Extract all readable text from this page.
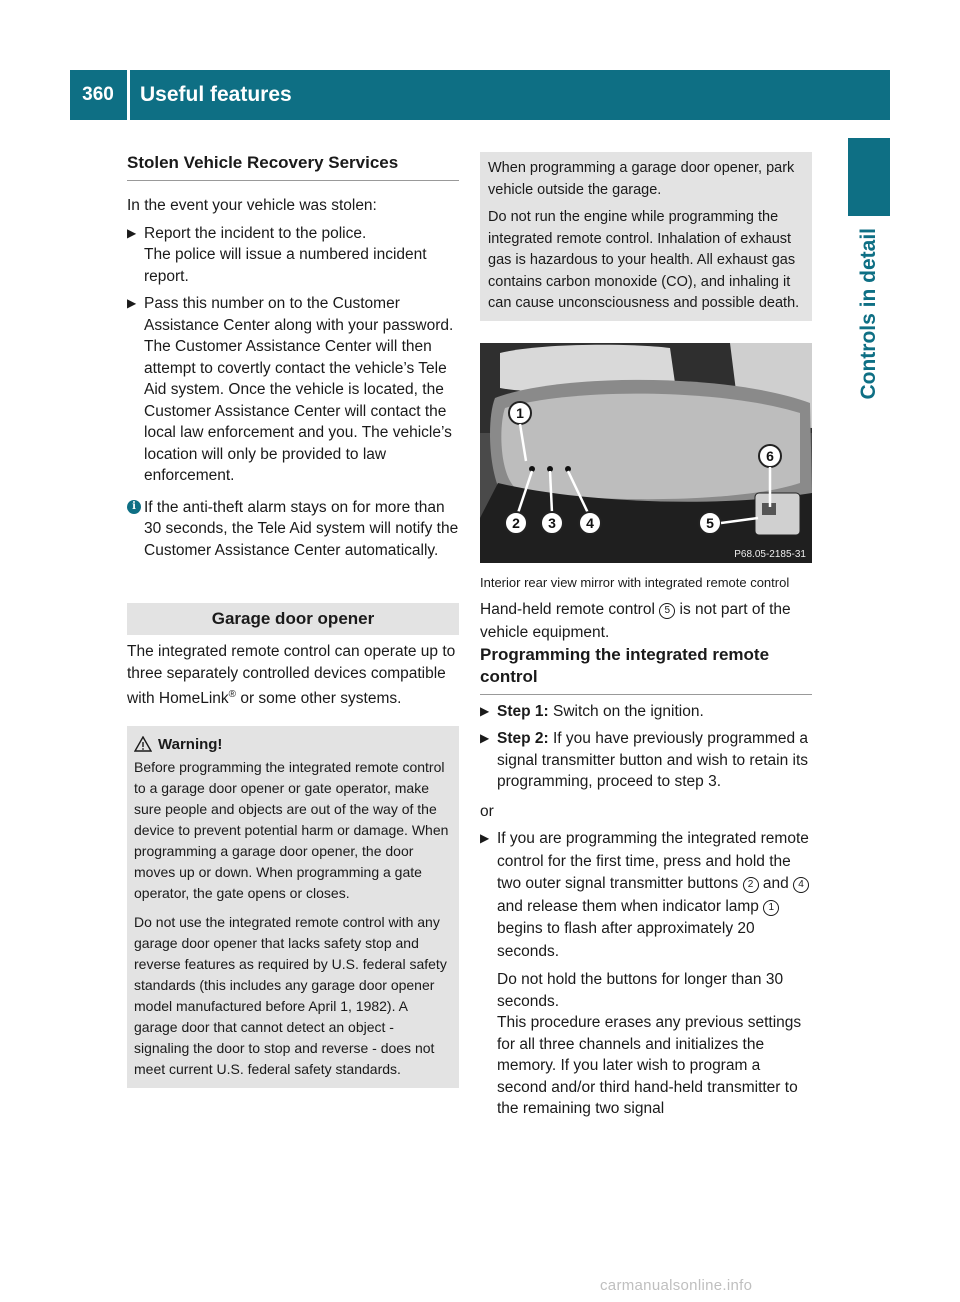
360	Useful features
Controls in detail
Stolen Vehicle Recovery Services

In the event your vehicle was stolen:

▶ Report the incident to the police.

The police will issue a numbered incident report.

▶ Pass this number on to the Customer Assistance Center along with your password.

The Customer Assistance Center will then attempt to covertly contact the vehicle’s Tele Aid system. Once the vehicle is located, the Customer Assistance Center will contact the local law enforcement and you. The vehicle’s location will only be provided to law enforcement.

i If the anti-theft alarm stays on for more than 30 seconds, the Tele Aid system will notify the Customer Assistance Center automatically.

Garage door opener

The integrated remote control can operate up to three separately controlled devices compatible with HomeLink® or some other systems.

Warning!

Before programming the integrated remote control to a garage door opener or gate operator, make sure people and objects are out of the way of the device to prevent potential harm or damage. When programming a garage door opener, the door moves up or down. When programming a gate operator, the gate opens or closes.

Do not use the integrated remote control with any garage door opener that lacks safety stop and reverse features as required by U.S. federal safety standards (this includes any garage door opener model manufactured before April 1, 1982). A garage door that cannot detect an object - signaling the door to stop and reverse - does not meet current U.S. federal safety standards.

When programming a garage door opener, park vehicle outside the garage.

Do not run the engine while programming the integrated remote control. Inhalation of exhaust gas is hazardous to your health. All exhaust gas contains carbon monoxide (CO), and inhaling it can cause unconsciousness and possible death.

1
2 3 4	5
6
P68.05-2185-31

Interior rear view mirror with integrated remote control

Hand-held remote control 5 is not part of the vehicle equipment.

Programming the integrated remote control
▶ Step 1: Switch on the ignition.

▶ Step 2: If you have previously programmed a signal transmitter button and wish to retain its programming, proceed to step 3.

or

▶ If you are programming the integrated remote control for the first time, press and hold the two outer signal transmitter buttons 2 and 4 and release them when indicator lamp 1 begins to flash after approximately 20 seconds.

Do not hold the buttons for longer than 30 seconds.

This procedure erases any previous settings for all three channels and initializes the memory. If you later wish to program a second and/or third hand-held transmitter to the remaining two signal

carmanualsonline.info
